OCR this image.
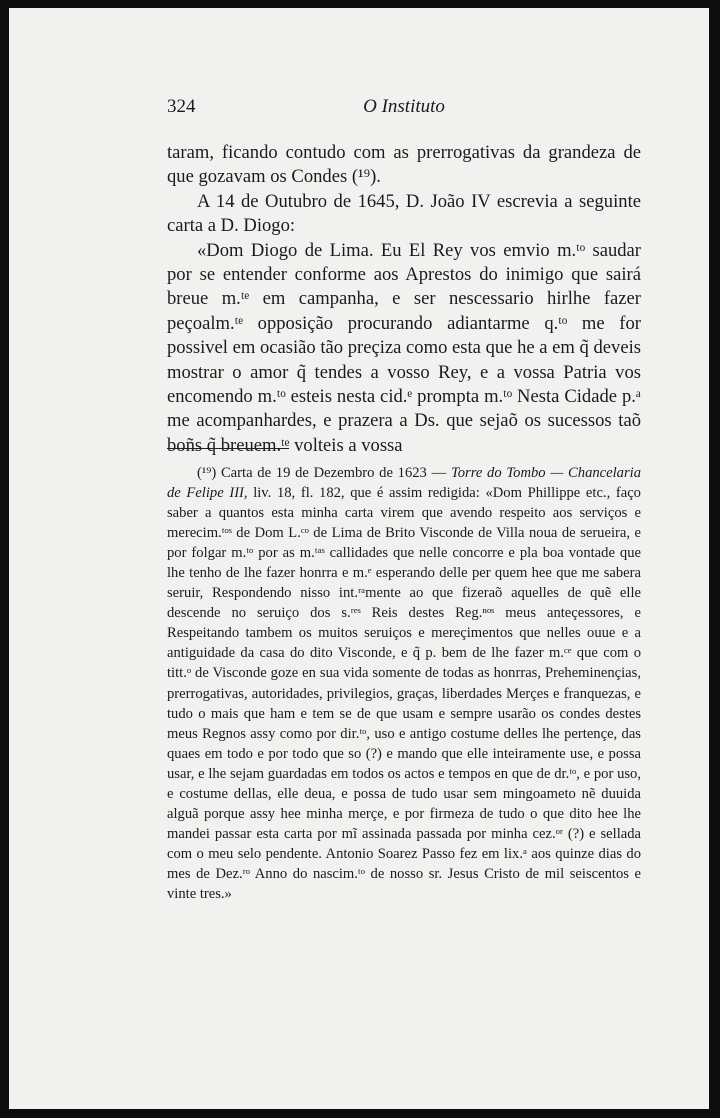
324	O Instituto

taram, ficando contudo com as prerrogativas da grandeza de que gozavam os Condes (¹⁹).

A 14 de Outubro de 1645, D. João IV escrevia a seguinte carta a D. Diogo:

«Dom Diogo de Lima. Eu El Rey vos emvio m.ᵗᵒ saudar por se entender conforme aos Aprestos do inimigo que sairá breue m.ᵗᵉ em campanha, e ser nescessario hirlhe fazer peçoalm.ᵗᵉ opposição procurando adiantarme q.ᵗᵒ me for possivel em ocasião tão preçiza como esta que he a em q̃ deveis mostrar o amor q̃ tendes a vosso Rey, e a vossa Patria vos encomendo m.ᵗᵒ esteis nesta cid.ᵉ prompta m.ᵗᵒ Nesta Cidade p.ᵃ me acompanhardes, e prazera a Ds. que sejaõ os sucessos taõ boñs q̃ breuem.ᵗᵉ volteis a vossa

(¹⁹) Carta de 19 de Dezembro de 1623 — Torre do Tombo — Chancelaria de Felipe III, liv. 18, fl. 182, que é assim redigida: «Dom Phillippe etc., faço saber a quantos esta minha carta virem que avendo respeito aos serviços e merecim.ᵗᵒˢ de Dom L.ᶜᵒ de Lima de Brito Visconde de Villa noua de serueira, e por folgar m.ᵗᵒ por as m.ᵗᵃˢ callidades que nelle concorre e pla boa vontade que lhe tenho de lhe fazer honrra e m.ᵉ esperando delle per quem hee que me sabera seruir, Respondendo nisso int.ʳᵃmente ao que fizeraõ aquelles de quẽ elle descende no seruiço dos s.ʳᵉˢ Reis destes Reg.ⁿᵒˢ meus anteçessores, e Respeitando tambem os muitos seruiços e mereçimentos que nelles ouue e a antiguidade da casa do dito Visconde, e q̃ p. bem de lhe fazer m.ᶜᵉ que com o titt.ᵒ de Visconde goze en sua vida somente de todas as honrras, Preheminençias, prerrogativas, autoridades, privilegios, graças, liberdades Merçes e franquezas, e tudo o mais que ham e tem se de que usam e sempre usarão os condes destes meus Regnos assy como por dir.ᵗᵒ, uso e antigo costume delles lhe pertençe, das quaes em todo e por todo que so (?) e mando que elle inteiramente use, e possa usar, e lhe sejam guardadas em todos os actos e tempos en que de dr.ᵗᵒ, e por uso, e costume dellas, elle deua, e possa de tudo usar sem mingoameto nẽ duuida alguã porque assy hee minha merçe, e por firmeza de tudo o que dito hee lhe mandei passar esta carta por mĩ assinada passada por minha cez.ᵒʳ (?) e sellada com o meu selo pendente. Antonio Soarez Passo fez em lix.ᵃ aos quinze dias do mes de Dez.ʳᵒ Anno do nascim.ᵗᵒ de nosso sr. Jesus Cristo de mil seiscentos e vinte tres.»
